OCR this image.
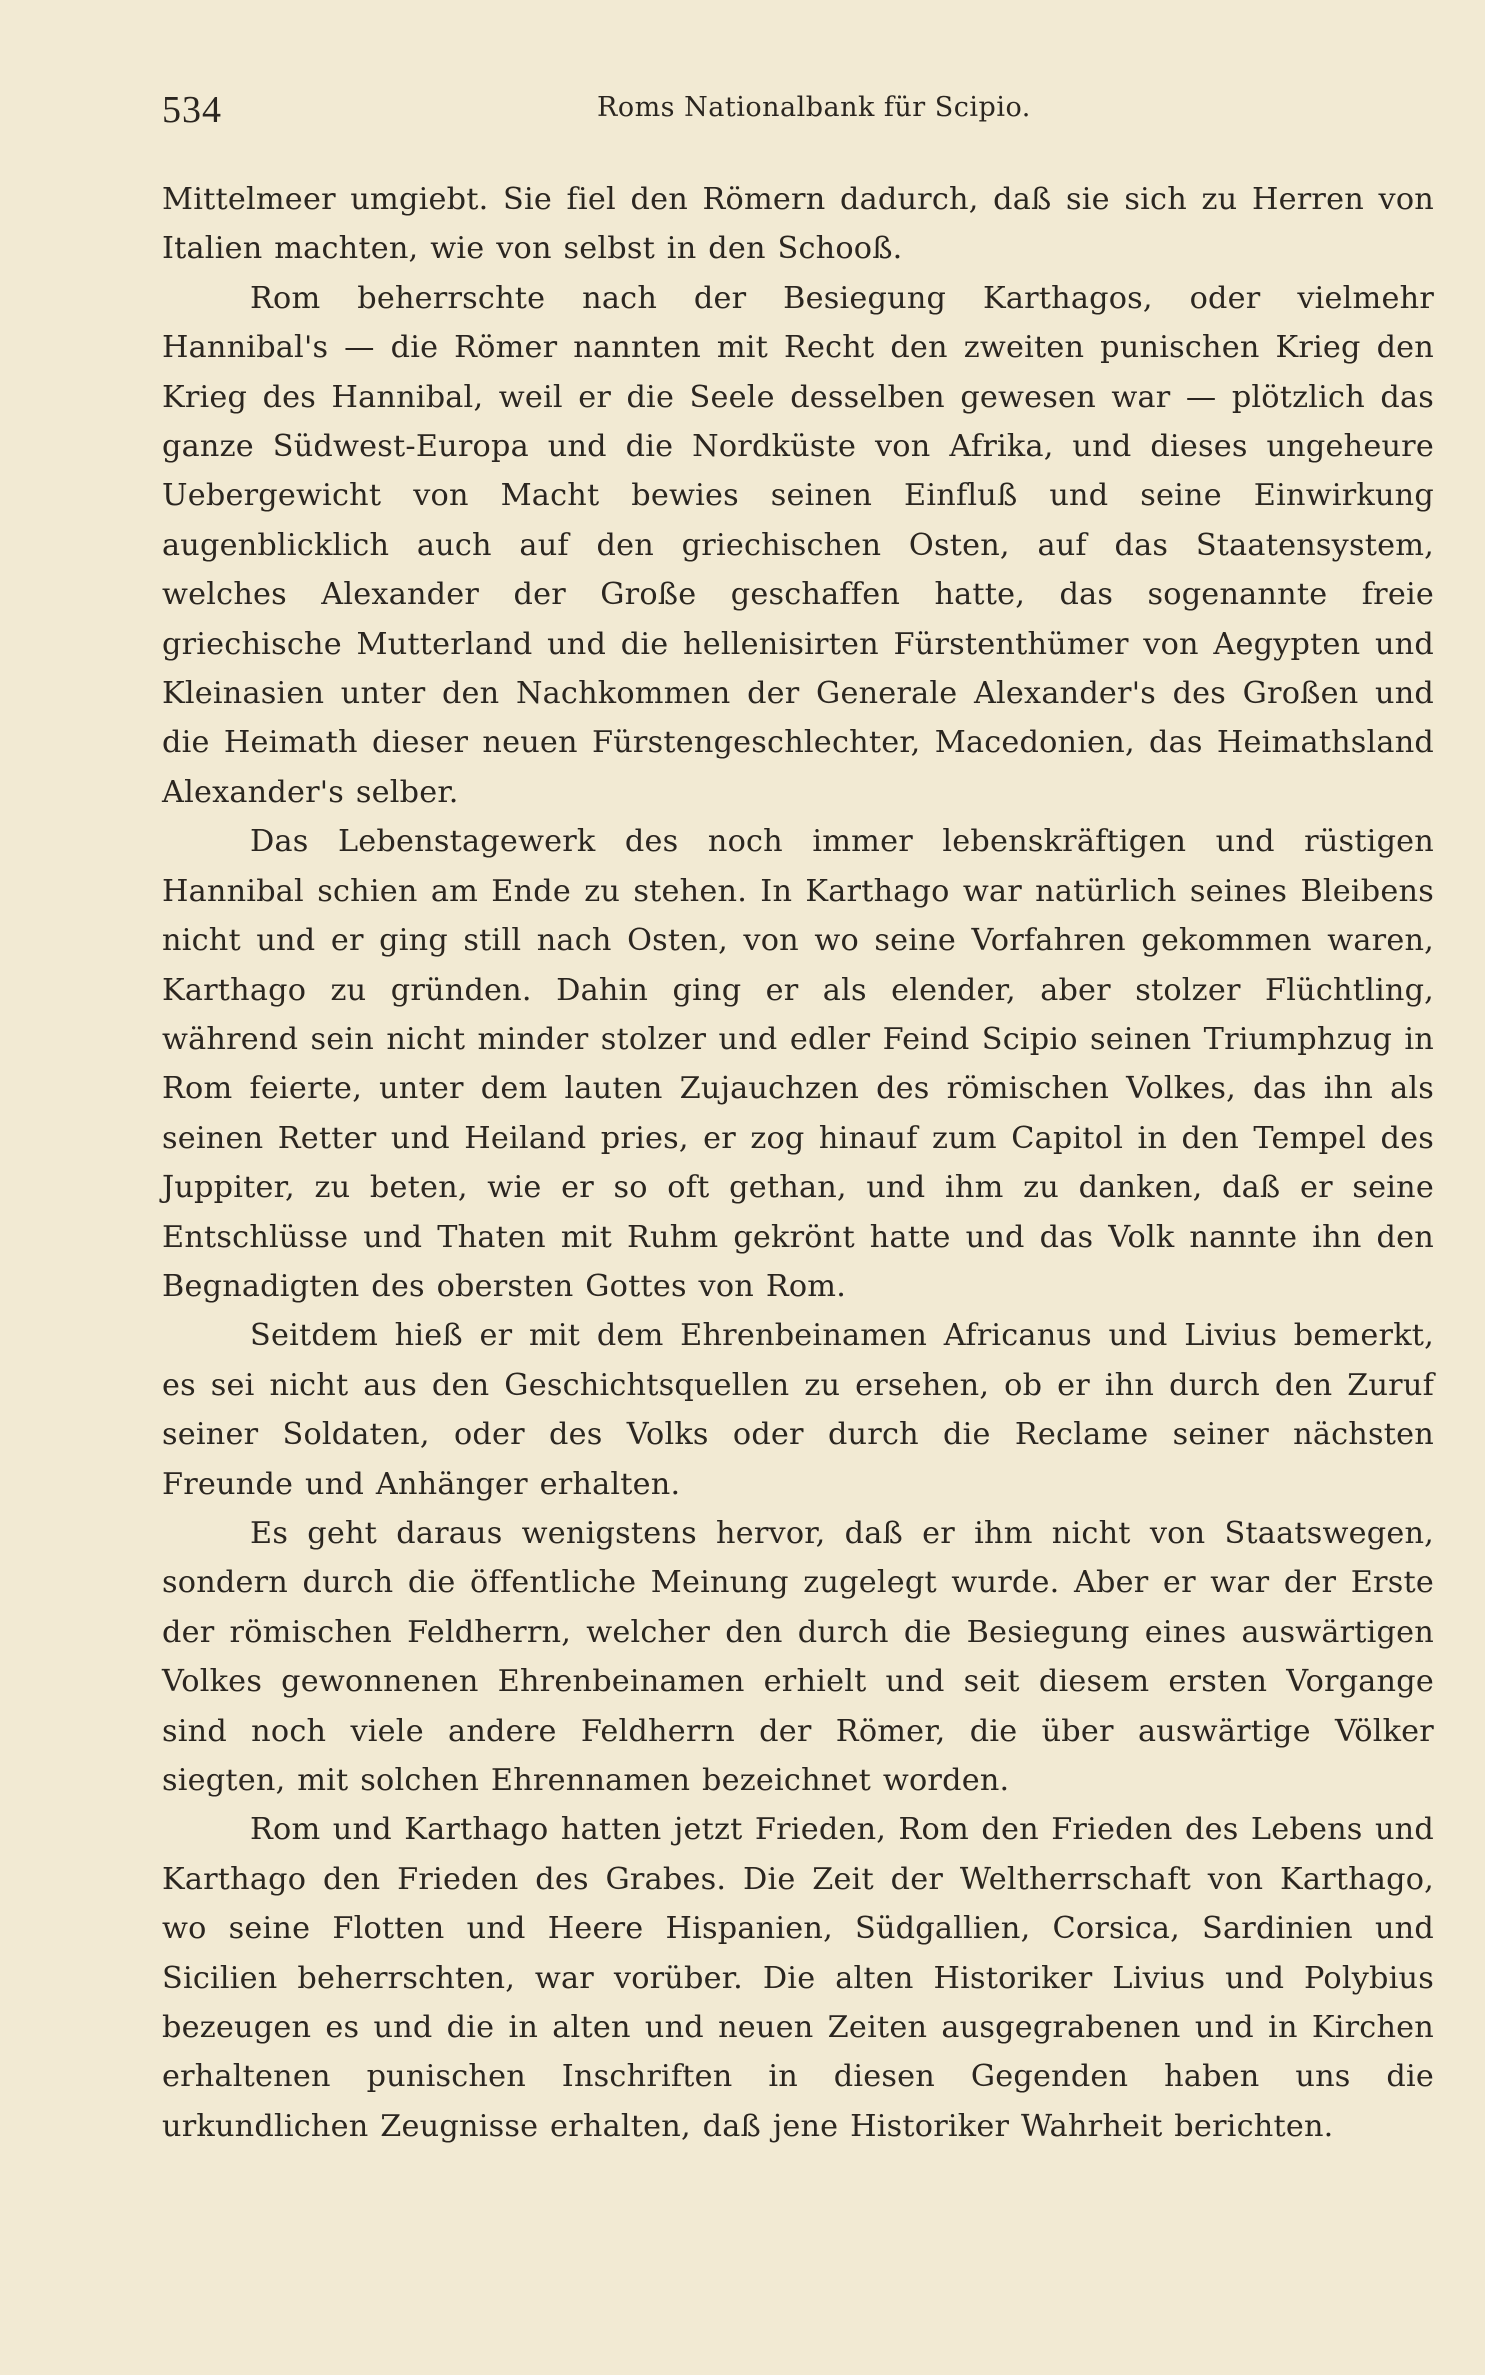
534	Roms Nationalbank für Scipio.

Mittelmeer umgiebt. Sie fiel den Römern dadurch, daß sie sich zu Herren von Italien machten, wie von selbst in den Schooß.

Rom beherrschte nach der Besiegung Karthagos, oder vielmehr Hannibal's — die Römer nannten mit Recht den zweiten punischen Krieg den Krieg des Hannibal, weil er die Seele desselben gewesen war — plötzlich das ganze Südwest-Europa und die Nordküste von Afrika, und dieses ungeheure Uebergewicht von Macht bewies seinen Einfluß und seine Einwirkung augenblicklich auch auf den griechischen Osten, auf das Staatensystem, welches Alexander der Große geschaffen hatte, das sogenannte freie griechische Mutterland und die hellenisirten Fürstenthümer von Aegypten und Kleinasien unter den Nachkommen der Generale Alexander's des Großen und die Heimath dieser neuen Fürstengeschlechter, Macedonien, das Heimathsland Alexander's selber.

Das Lebenstagewerk des noch immer lebenskräftigen und rüstigen Hannibal schien am Ende zu stehen. In Karthago war natürlich seines Bleibens nicht und er ging still nach Osten, von wo seine Vorfahren gekommen waren, Karthago zu gründen. Dahin ging er als elender, aber stolzer Flüchtling, während sein nicht minder stolzer und edler Feind Scipio seinen Triumphzug in Rom feierte, unter dem lauten Zujauchzen des römischen Volkes, das ihn als seinen Retter und Heiland pries, er zog hinauf zum Capitol in den Tempel des Juppiter, zu beten, wie er so oft gethan, und ihm zu danken, daß er seine Entschlüsse und Thaten mit Ruhm gekrönt hatte und das Volk nannte ihn den Begnadigten des obersten Gottes von Rom.

Seitdem hieß er mit dem Ehrenbeinamen Africanus und Livius bemerkt, es sei nicht aus den Geschichtsquellen zu ersehen, ob er ihn durch den Zuruf seiner Soldaten, oder des Volks oder durch die Reclame seiner nächsten Freunde und Anhänger erhalten.

Es geht daraus wenigstens hervor, daß er ihm nicht von Staatswegen, sondern durch die öffentliche Meinung zugelegt wurde. Aber er war der Erste der römischen Feldherrn, welcher den durch die Besiegung eines auswärtigen Volkes gewonnenen Ehrenbeinamen erhielt und seit diesem ersten Vorgange sind noch viele andere Feldherrn der Römer, die über auswärtige Völker siegten, mit solchen Ehrennamen bezeichnet worden.

Rom und Karthago hatten jetzt Frieden, Rom den Frieden des Lebens und Karthago den Frieden des Grabes. Die Zeit der Weltherrschaft von Karthago, wo seine Flotten und Heere Hispanien, Südgallien, Corsica, Sardinien und Sicilien beherrschten, war vorüber. Die alten Historiker Livius und Polybius bezeugen es und die in alten und neuen Zeiten ausgegrabenen und in Kirchen erhaltenen punischen Inschriften in diesen Gegenden haben uns die urkundlichen Zeugnisse erhalten, daß jene Historiker Wahrheit berichten.
